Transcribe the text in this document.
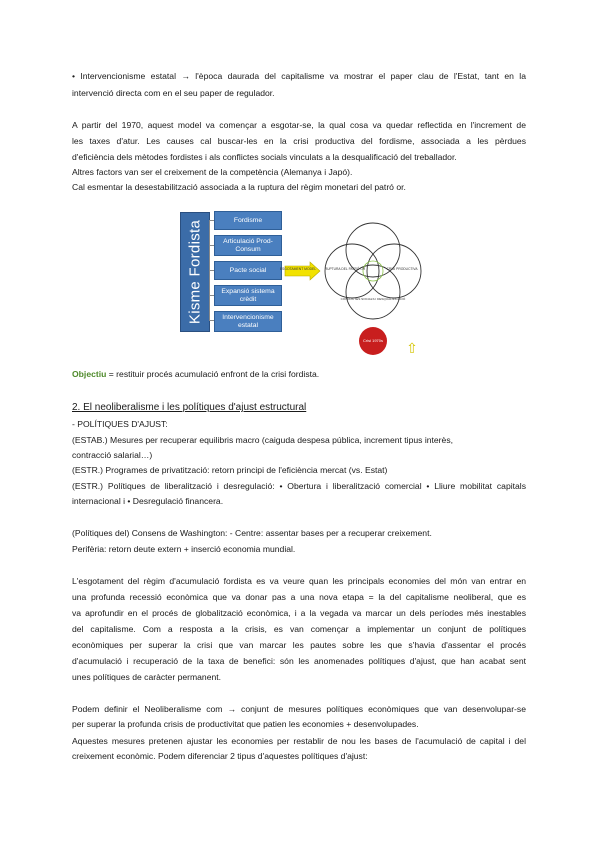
• Intervencionisme estatal → l'època daurada del capitalisme va mostrar el paper clau de l'Estat, tant en la
intervenció directa com en el seu paper de regulador.
A partir del 1970, aquest model va començar a esgotar-se, la qual cosa va quedar reflectida en l'increment de
les taxes d'atur. Les causes cal buscar-les en la crisi productiva del fordisme, associada a les pèrdues
d'eficiència dels mètodes fordistes i als conflictes socials vinculats a la desqualificació del treballador.
Altres factors van ser el creixement de la competència (Alemanya i Japó).
Cal esmentar la desestabilització associada a la ruptura del règim monetari del patró or.
Kisme Fordista	Fordisme
Articulació Prod-Consum
Pacte social
Expansió sistema crèdit
Intervencionisme estatal
ESGOTAMENT MODEL	RUPTURA DEL PATRÓ OR	CRISI PRODUCTIVA
CONFLICTES SOCIALS I DESQUALIFICACIÓ
Crisi 1970s
⇧
Objectiu = restituir procés acumulació enfront de la crisi fordista.
2. El neoliberalisme i les polítiques d'ajust estructural
- POLÍTIQUES D'AJUST:
(ESTAB.) Mesures per recuperar equilibris macro (caiguda despesa pública, increment tipus interès,
contracció salarial…)
(ESTR.) Programes de privatització: retorn principi de l'eficiència mercat (vs. Estat)
(ESTR.) Polítiques de liberalització i desregulació: • Obertura i liberalització comercial • Lliure mobilitat capitals
internacional i • Desregulació financera.
(Polítiques del) Consens de Washington: - Centre: assentar bases per a recuperar creixement.
Perifèria: retorn deute extern + inserció economia mundial.
L'esgotament del règim d'acumulació fordista es va veure quan les principals economies del món van entrar en
una profunda recessió econòmica que va donar pas a una nova etapa = la del capitalisme neoliberal, que es
va aprofundir en el procés de globalització econòmica, i a la vegada va marcar un dels períodes més inestables
del capitalisme. Com a resposta a la crisis, es van començar a implementar un conjunt de polítiques
econòmiques per superar la crisi que van marcar les pautes sobre les que s'havia d'assentar el procés
d'acumulació i recuperació de la taxa de benefici: són les anomenades polítiques d'ajust, que han acabat sent
unes polítiques de caràcter permanent.
Podem definir el Neoliberalisme com → conjunt de mesures polítiques econòmiques que van desenvolupar-se
per superar la profunda crisis de productivitat que patien les economies + desenvolupades.
Aquestes mesures pretenen ajustar les economies per restablir de nou les bases de l'acumulació de capital i del
creixement econòmic. Podem diferenciar 2 tipus d'aquestes polítiques d'ajust:
